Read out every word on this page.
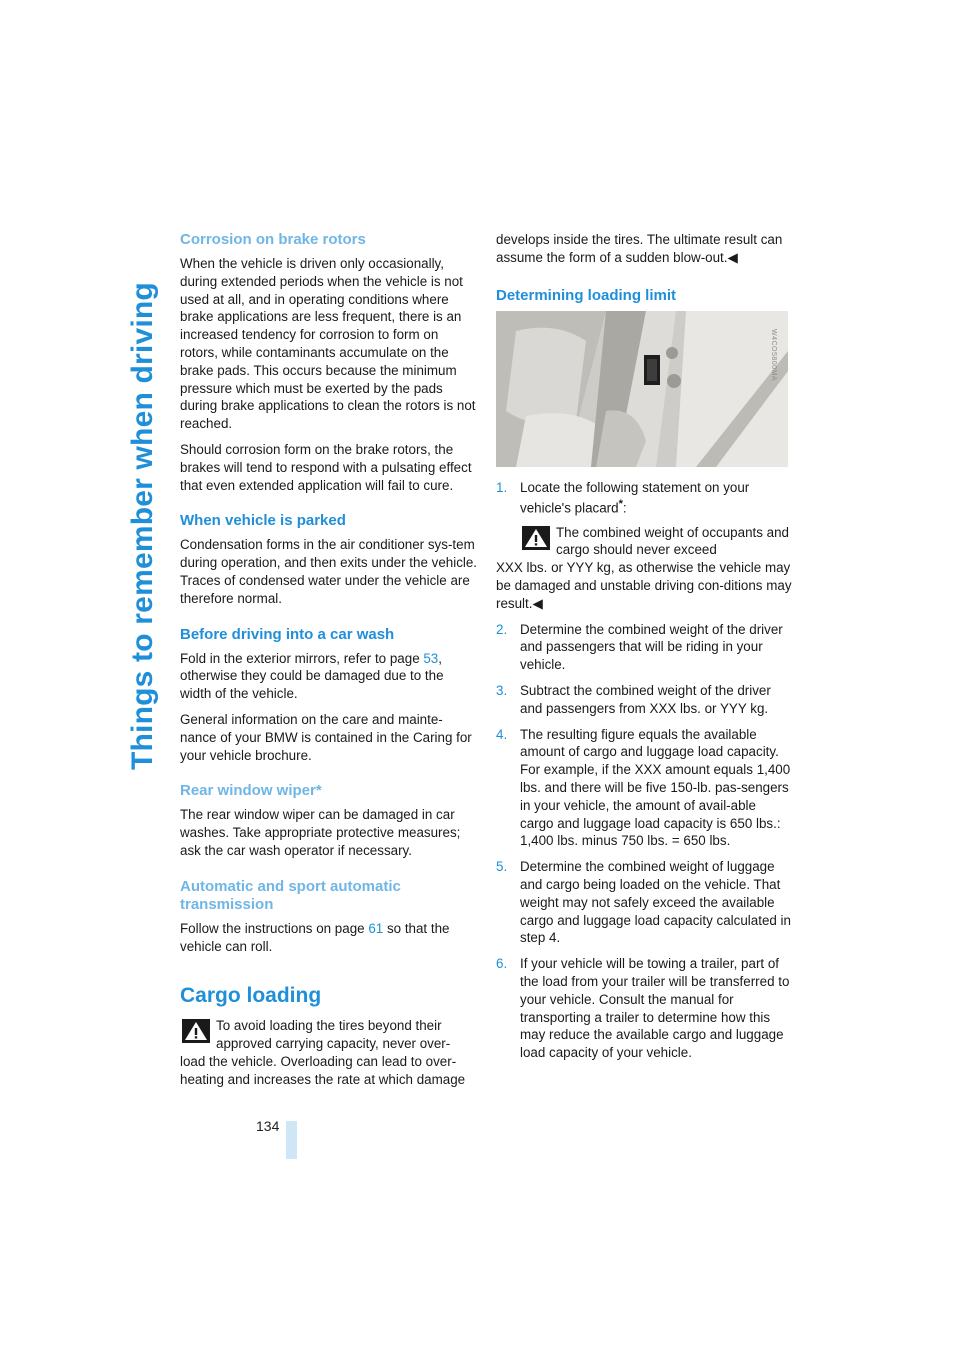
Things to remember when driving
134
Corrosion on brake rotors

When the vehicle is driven only occasionally, during extended periods when the vehicle is not used at all, and in operating conditions where brake applications are less frequent, there is an increased tendency for corrosion to form on rotors, while contaminants accumulate on the brake pads. This occurs because the minimum pressure which must be exerted by the pads during brake applications to clean the rotors is not reached.

Should corrosion form on the brake rotors, the brakes will tend to respond with a pulsating effect that even extended application will fail to cure.

When vehicle is parked

Condensation forms in the air conditioner sys-tem during operation, and then exits under the vehicle. Traces of condensed water under the vehicle are therefore normal.

Before driving into a car wash

Fold in the exterior mirrors, refer to page 53, otherwise they could be damaged due to the width of the vehicle.

General information on the care and mainte-nance of your BMW is contained in the Caring for your vehicle brochure.

Rear window wiper*

The rear window wiper can be damaged in car washes. Take appropriate protective measures; ask the car wash operator if necessary.

Automatic and sport automatic transmission

Follow the instructions on page 61 so that the vehicle can roll.

Cargo loading
To avoid loading the tires beyond their approved carrying capacity, never over-
load the vehicle. Overloading can lead to over-heating and increases the rate at which damage

develops inside the tires. The ultimate result can assume the form of a sudden blow-out.◀

Determining loading limit
W4CO5800MA
1. Locate the following statement on your vehicle's placard*:
The combined weight of occupants and cargo should never exceed
XXX lbs. or YYY kg, as otherwise the vehicle may be damaged and unstable driving con-ditions may result.◀
2. Determine the combined weight of the driver and passengers that will be riding in your vehicle.
3. Subtract the combined weight of the driver and passengers from XXX lbs. or YYY kg.
4. The resulting figure equals the available amount of cargo and luggage load capacity. For example, if the XXX amount equals 1,400 lbs. and there will be five 150-lb. pas-sengers in your vehicle, the amount of avail-able cargo and luggage load capacity is 650 lbs.:
1,400 lbs. minus 750 lbs. = 650 lbs.
5. Determine the combined weight of luggage and cargo being loaded on the vehicle. That weight may not safely exceed the available cargo and luggage load capacity calculated in step 4.
6. If your vehicle will be towing a trailer, part of the load from your trailer will be transferred to your vehicle. Consult the manual for transporting a trailer to determine how this may reduce the available cargo and luggage load capacity of your vehicle.
